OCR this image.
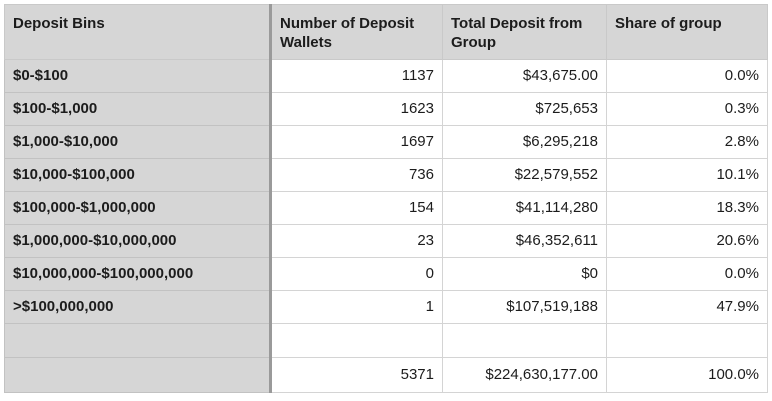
Deposit Bins	Number of Deposit Wallets	Total Deposit from Group	Share of group
$0-$100	1137	$43,675.00	0.0%
$100-$1,000	1623	$725,653	0.3%
$1,000-$10,000	1697	$6,295,218	2.8%
$10,000-$100,000	736	$22,579,552	10.1%
$100,000-$1,000,000	154	$41,114,280	18.3%
$1,000,000-$10,000,000	23	$46,352,611	20.6%
$10,000,000-$100,000,000	0	$0	0.0%
>$100,000,000	1	$107,519,188	47.9%

	5371	$224,630,177.00	100.0%
